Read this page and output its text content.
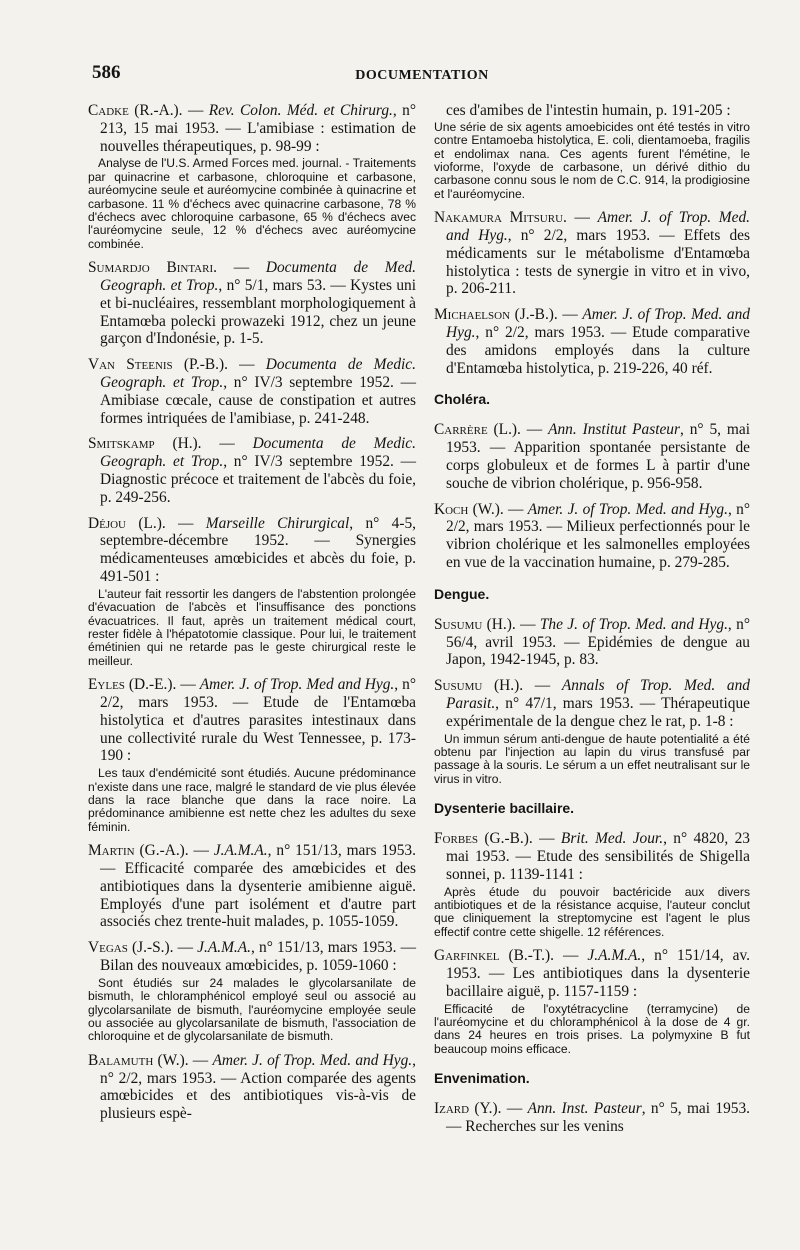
586	DOCUMENTATION
Cadke (R.-A.). — Rev. Colon. Méd. et Chirurg., n° 213, 15 mai 1953. — L'amibiase : estimation de nouvelles thérapeutiques, p. 98-99 :
Analyse de l'U.S. Armed Forces med. journal. - Traitements par quinacrine et carbasone, chloroquine et carbasone, auréomycine seule et auréomycine combinée à quinacrine et carbasone. 11 % d'échecs avec quinacrine carbasone, 78 % d'échecs avec chloroquine carbasone, 65 % d'échecs avec l'auréomycine seule, 12 % d'échecs avec auréomycine combinée.
Sumardjo Bintari. — Documenta de Med. Geograph. et Trop., n° 5/1, mars 53. — Kystes uni et bi-nucléaires, ressemblant morphologiquement à Entamœba polecki prowazeki 1912, chez un jeune garçon d'Indonésie, p. 1-5.
Van Steenis (P.-B.). — Documenta de Medic. Geograph. et Trop., n° IV/3 septembre 1952. — Amibiase cœcale, cause de constipation et autres formes intriquées de l'amibiase, p. 241-248.
Smitskamp (H.). — Documenta de Medic. Geograph. et Trop., n° IV/3 septembre 1952. — Diagnostic précoce et traitement de l'abcès du foie, p. 249-256.
Déjou (L.). — Marseille Chirurgical, n° 4-5, septembre-décembre 1952. — Synergies médicamenteuses amœbicides et abcès du foie, p. 491-501 :
L'auteur fait ressortir les dangers de l'abstention prolongée d'évacuation de l'abcès et l'insuffisance des ponctions évacuatrices. Il faut, après un traitement médical court, rester fidèle à l'hépatotomie classique. Pour lui, le traitement émétinien qui ne retarde pas le geste chirurgical reste le meilleur.
Eyles (D.-E.). — Amer. J. of Trop. Med and Hyg., n° 2/2, mars 1953. — Etude de l'Entamœba histolytica et d'autres parasites intestinaux dans une collectivité rurale du West Tennessee, p. 173-190 :
Les taux d'endémicité sont étudiés. Aucune prédominance n'existe dans une race, malgré le standard de vie plus élevée dans la race blanche que dans la race noire. La prédominance amibienne est nette chez les adultes du sexe féminin.
Martin (G.-A.). — J.A.M.A., n° 151/13, mars 1953. — Efficacité comparée des amœbicides et des antibiotiques dans la dysenterie amibienne aiguë. Employés d'une part isolément et d'autre part associés chez trente-huit malades, p. 1055-1059.
Vegas (J.-S.). — J.A.M.A., n° 151/13, mars 1953. — Bilan des nouveaux amœbicides, p. 1059-1060 :
Sont étudiés sur 24 malades le glycolarsanilate de bismuth, le chloramphénicol employé seul ou associé au glycolarsanilate de bismuth, l'auréomycine employée seule ou associée au glycolarsanilate de bismuth, l'association de chloroquine et de glycolarsanilate de bismuth.
Balamuth (W.). — Amer. J. of Trop. Med. and Hyg., n° 2/2, mars 1953. — Action comparée des agents amœbicides et des antibiotiques vis-à-vis de plusieurs espè-
ces d'amibes de l'intestin humain, p. 191-205 :
Une série de six agents amoebicides ont été testés in vitro contre Entamoeba histolytica, E. coli, dientamoeba, fragilis et endolimax nana. Ces agents furent l'émétine, le vioforme, l'oxyde de carbasone, un dérivé dithio du carbasone connu sous le nom de C.C. 914, la prodigiosine et l'auréomycine.
Nakamura Mitsuru. — Amer. J. of Trop. Med. and Hyg., n° 2/2, mars 1953. — Effets des médicaments sur le métabolisme d'Entamœba histolytica : tests de synergie in vitro et in vivo, p. 206-211.
Michaelson (J.-B.). — Amer. J. of Trop. Med. and Hyg., n° 2/2, mars 1953. — Etude comparative des amidons employés dans la culture d'Entamœba histolytica, p. 219-226, 40 réf.
Choléra.
Carrère (L.). — Ann. Institut Pasteur, n° 5, mai 1953. — Apparition spontanée persistante de corps globuleux et de formes L à partir d'une souche de vibrion cholérique, p. 956-958.
Koch (W.). — Amer. J. of Trop. Med. and Hyg., n° 2/2, mars 1953. — Milieux perfectionnés pour le vibrion cholérique et les salmonelles employées en vue de la vaccination humaine, p. 279-285.
Dengue.
Susumu (H.). — The J. of Trop. Med. and Hyg., n° 56/4, avril 1953. — Epidémies de dengue au Japon, 1942-1945, p. 83.
Susumu (H.). — Annals of Trop. Med. and Parasit., n° 47/1, mars 1953. — Thérapeutique expérimentale de la dengue chez le rat, p. 1-8 :
Un immun sérum anti-dengue de haute potentialité a été obtenu par l'injection au lapin du virus transfusé par passage à la souris. Le sérum a un effet neutralisant sur le virus in vitro.
Dysenterie bacillaire.
Forbes (G.-B.). — Brit. Med. Jour., n° 4820, 23 mai 1953. — Etude des sensibilités de Shigella sonnei, p. 1139-1141 :
Après étude du pouvoir bactéricide aux divers antibiotiques et de la résistance acquise, l'auteur conclut que cliniquement la streptomycine est l'agent le plus effectif contre cette shigelle. 12 références.
Garfinkel (B.-T.). — J.A.M.A., n° 151/14, av. 1953. — Les antibiotiques dans la dysenterie bacillaire aiguë, p. 1157-1159 :
Efficacité de l'oxytétracycline (terramycine) de l'auréomycine et du chloramphénicol à la dose de 4 gr. dans 24 heures en trois prises. La polymyxine B fut beaucoup moins efficace.
Envenimation.
Izard (Y.). — Ann. Inst. Pasteur, n° 5, mai 1953. — Recherches sur les venins
